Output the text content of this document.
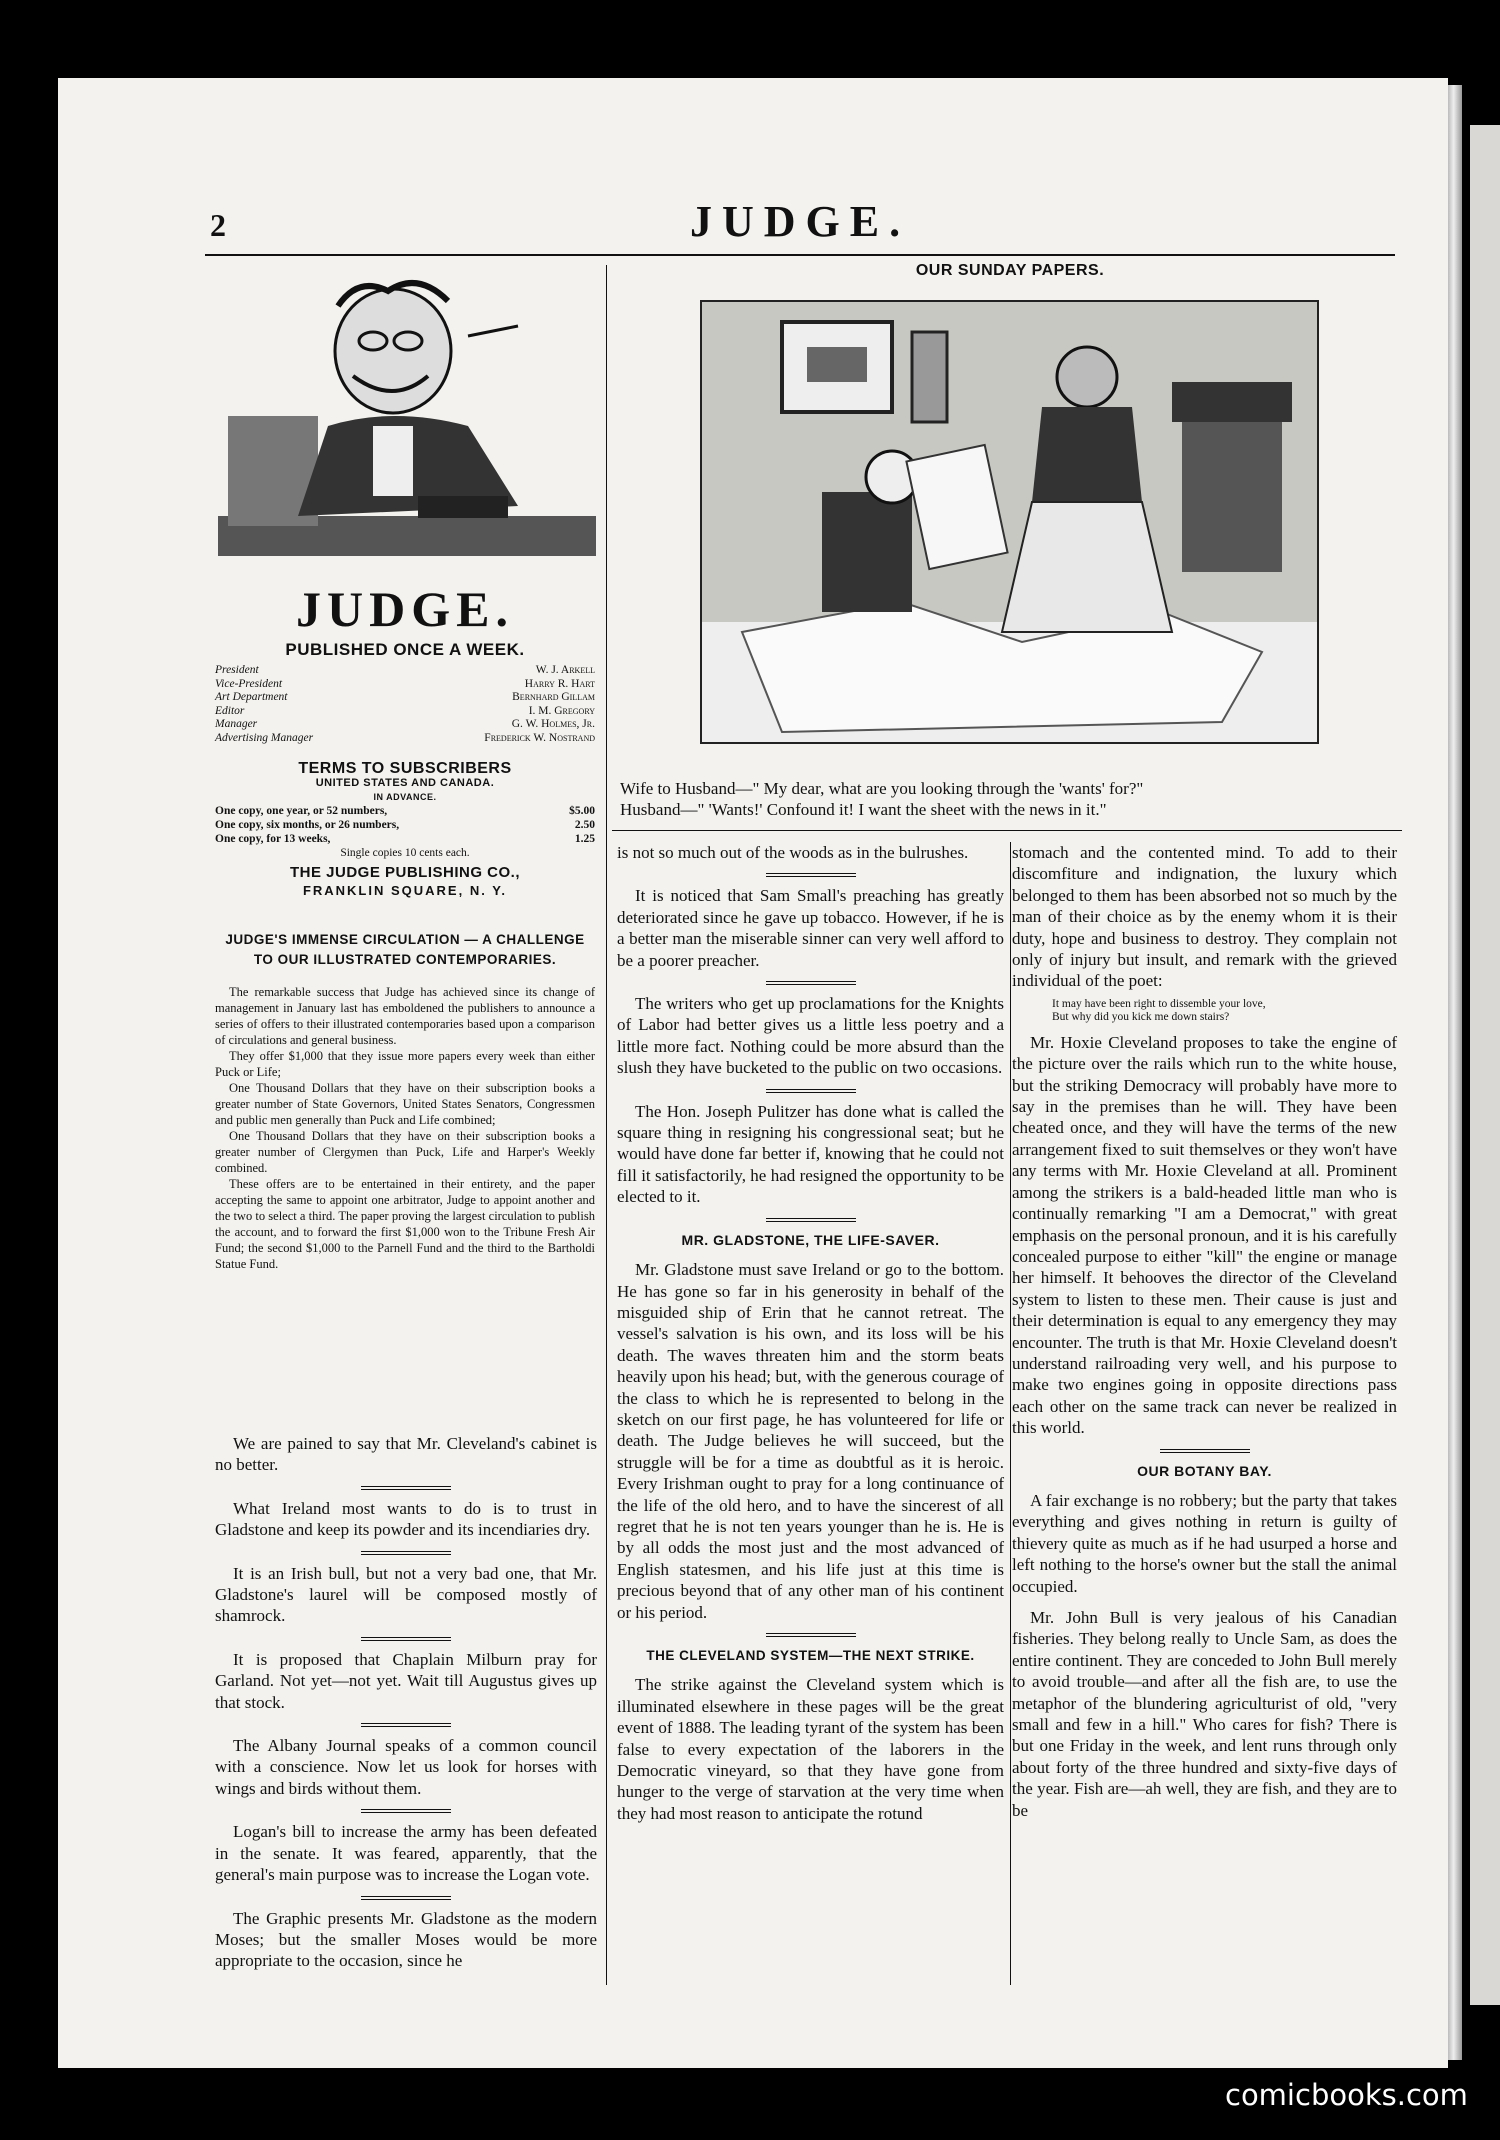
2	JUDGE.
JUDGE.
PUBLISHED ONCE A WEEK.
President	W. J. Arkell
Vice-President	Harry R. Hart
Art Department	Bernhard Gillam
Editor	I. M. Gregory
Manager	G. W. Holmes, Jr.
Advertising Manager	Frederick W. Nostrand
TERMS TO SUBSCRIBERS
UNITED STATES AND CANADA.
IN ADVANCE.
One copy, one year, or 52 numbers,	$5.00
One copy, six months, or 26 numbers,	2.50
One copy, for 13 weeks,	1.25
Single copies 10 cents each.
THE JUDGE PUBLISHING CO.,
FRANKLIN SQUARE, N. Y.
JUDGE'S IMMENSE CIRCULATION — A CHALLENGE TO OUR ILLUSTRATED CONTEMPORARIES.

The remarkable success that Judge has achieved since its change of management in January last has emboldened the publishers to announce a series of offers to their illustrated contemporaries based upon a comparison of circulations and general business.

They offer $1,000 that they issue more papers every week than either Puck or Life;

One Thousand Dollars that they have on their subscription books a greater number of State Governors, United States Senators, Congressmen and public men generally than Puck and Life combined;

One Thousand Dollars that they have on their subscription books a greater number of Clergymen than Puck, Life and Harper's Weekly combined.

These offers are to be entertained in their entirety, and the paper accepting the same to appoint one arbitrator, Judge to appoint another and the two to select a third. The paper proving the largest circulation to publish the account, and to forward the first $1,000 won to the Tribune Fresh Air Fund; the second $1,000 to the Parnell Fund and the third to the Bartholdi Statue Fund.

We are pained to say that Mr. Cleveland's cabinet is no better.

What Ireland most wants to do is to trust in Gladstone and keep its powder and its incendiaries dry.

It is an Irish bull, but not a very bad one, that Mr. Gladstone's laurel will be composed mostly of shamrock.

It is proposed that Chaplain Milburn pray for Garland. Not yet—not yet. Wait till Augustus gives up that stock.

The Albany Journal speaks of a common council with a conscience. Now let us look for horses with wings and birds without them.

Logan's bill to increase the army has been defeated in the senate. It was feared, apparently, that the general's main purpose was to increase the Logan vote.

The Graphic presents Mr. Gladstone as the modern Moses; but the smaller Moses would be more appropriate to the occasion, since he

OUR SUNDAY PAPERS.
Wife to Husband—" My dear, what are you looking through the 'wants' for?"
Husband—" 'Wants!' Confound it! I want the sheet with the news in it."

is not so much out of the woods as in the bulrushes.

It is noticed that Sam Small's preaching has greatly deteriorated since he gave up tobacco. However, if he is a better man the miserable sinner can very well afford to be a poorer preacher.

The writers who get up proclamations for the Knights of Labor had better gives us a little less poetry and a little more fact. Nothing could be more absurd than the slush they have bucketed to the public on two occasions.

The Hon. Joseph Pulitzer has done what is called the square thing in resigning his congressional seat; but he would have done far better if, knowing that he could not fill it satisfactorily, he had resigned the opportunity to be elected to it.

MR. GLADSTONE, THE LIFE-SAVER.

Mr. Gladstone must save Ireland or go to the bottom. He has gone so far in his generosity in behalf of the misguided ship of Erin that he cannot retreat. The vessel's salvation is his own, and its loss will be his death. The waves threaten him and the storm beats heavily upon his head; but, with the generous courage of the class to which he is represented to belong in the sketch on our first page, he has volunteered for life or death. The Judge believes he will succeed, but the struggle will be for a time as doubtful as it is heroic. Every Irishman ought to pray for a long continuance of the life of the old hero, and to have the sincerest of all regret that he is not ten years younger than he is. He is by all odds the most just and the most advanced of English statesmen, and his life just at this time is precious beyond that of any other man of his continent or his period.

THE CLEVELAND SYSTEM—THE NEXT STRIKE.

The strike against the Cleveland system which is illuminated elsewhere in these pages will be the great event of 1888. The leading tyrant of the system has been false to every expectation of the laborers in the Democratic vineyard, so that they have gone from hunger to the verge of starvation at the very time when they had most reason to anticipate the rotund

stomach and the contented mind. To add to their discomfiture and indignation, the luxury which belonged to them has been absorbed not so much by the man of their choice as by the enemy whom it is their duty, hope and business to destroy. They complain not only of injury but insult, and remark with the grieved individual of the poet:

It may have been right to dissemble your love,
But why did you kick me down stairs?

Mr. Hoxie Cleveland proposes to take the engine of the picture over the rails which run to the white house, but the striking Democracy will probably have more to say in the premises than he will. They have been cheated once, and they will have the terms of the new arrangement fixed to suit themselves or they won't have any terms with Mr. Hoxie Cleveland at all. Prominent among the strikers is a bald-headed little man who is continually remarking "I am a Democrat," with great emphasis on the personal pronoun, and it is his carefully concealed purpose to either "kill" the engine or manage her himself. It behooves the director of the Cleveland system to listen to these men. Their cause is just and their determination is equal to any emergency they may encounter. The truth is that Mr. Hoxie Cleveland doesn't understand railroading very well, and his purpose to make two engines going in opposite directions pass each other on the same track can never be realized in this world.

OUR BOTANY BAY.

A fair exchange is no robbery; but the party that takes everything and gives nothing in return is guilty of thievery quite as much as if he had usurped a horse and left nothing to the horse's owner but the stall the animal occupied.

Mr. John Bull is very jealous of his Canadian fisheries. They belong really to Uncle Sam, as does the entire continent. They are conceded to John Bull merely to avoid trouble—and after all the fish are, to use the metaphor of the blundering agriculturist of old, "very small and few in a hill." Who cares for fish? There is but one Friday in the week, and lent runs through only about forty of the three hundred and sixty-five days of the year. Fish are—ah well, they are fish, and they are to be

comicbooks.com
